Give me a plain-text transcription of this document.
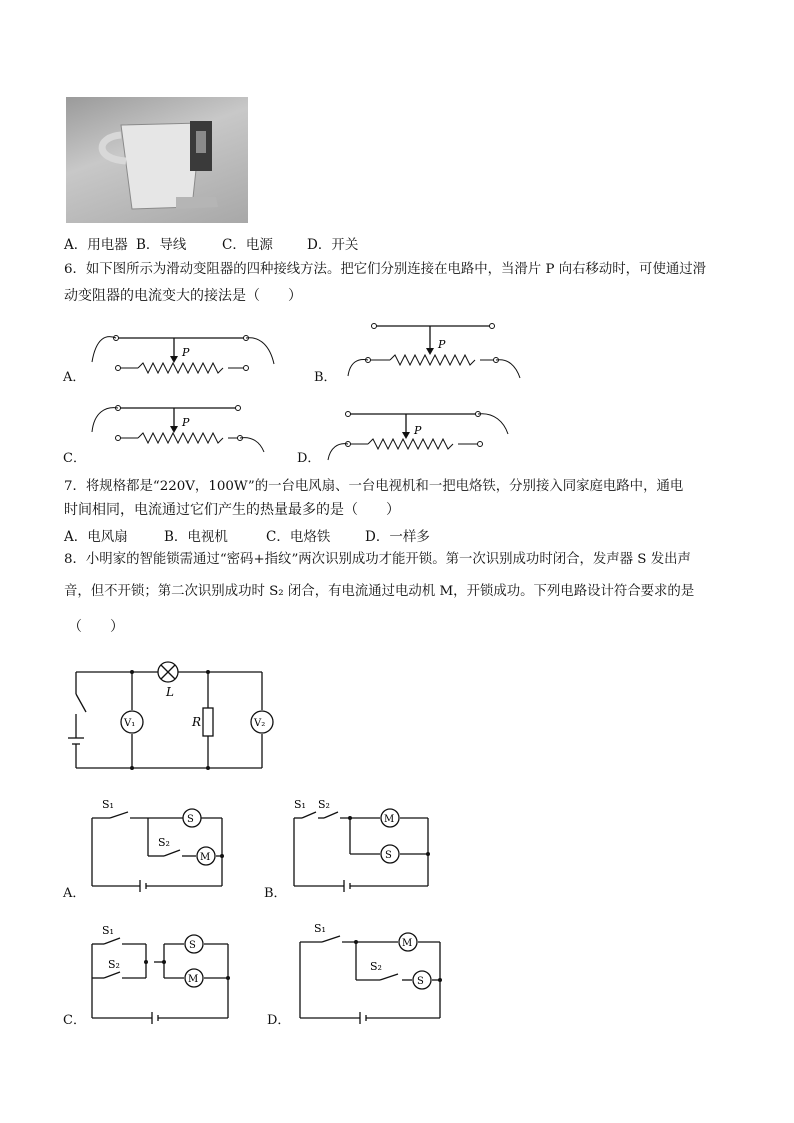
A．用电器 B．导线	C．电源	D．开关
6．如下图所示为滑动变阻器的四种接线方法。把它们分别连接在电路中，当滑片 P 向右移动时，可使通过滑
动变阻器的电流变大的接法是（　　）
A．
P
B．
P
C．
P
D．
P
7．将规格都是“220V，100W”的一台电风扇、一台电视机和一把电烙铁，分别接入同家庭电路中，通电
时间相同，电流通过它们产生的热量最多的是（　　）
A．电风扇	B．电视机	C．电烙铁	D．一样多
8．小明家的智能锁需通过“密码+指纹”两次识别成功才能开锁。第一次识别成功时闭合，发声器 S 发出声
音，但不开锁；第二次识别成功时 S₂ 闭合，有电流通过电动机 M，开锁成功。下列电路设计符合要求的是
（　　）
L
R
V₁	V₂
A．
S₁
S₂
S
M
B．
S₁ S₂
M
S
C．
S₁
S₂
S
M
D．
S₁
S₂
M
S
